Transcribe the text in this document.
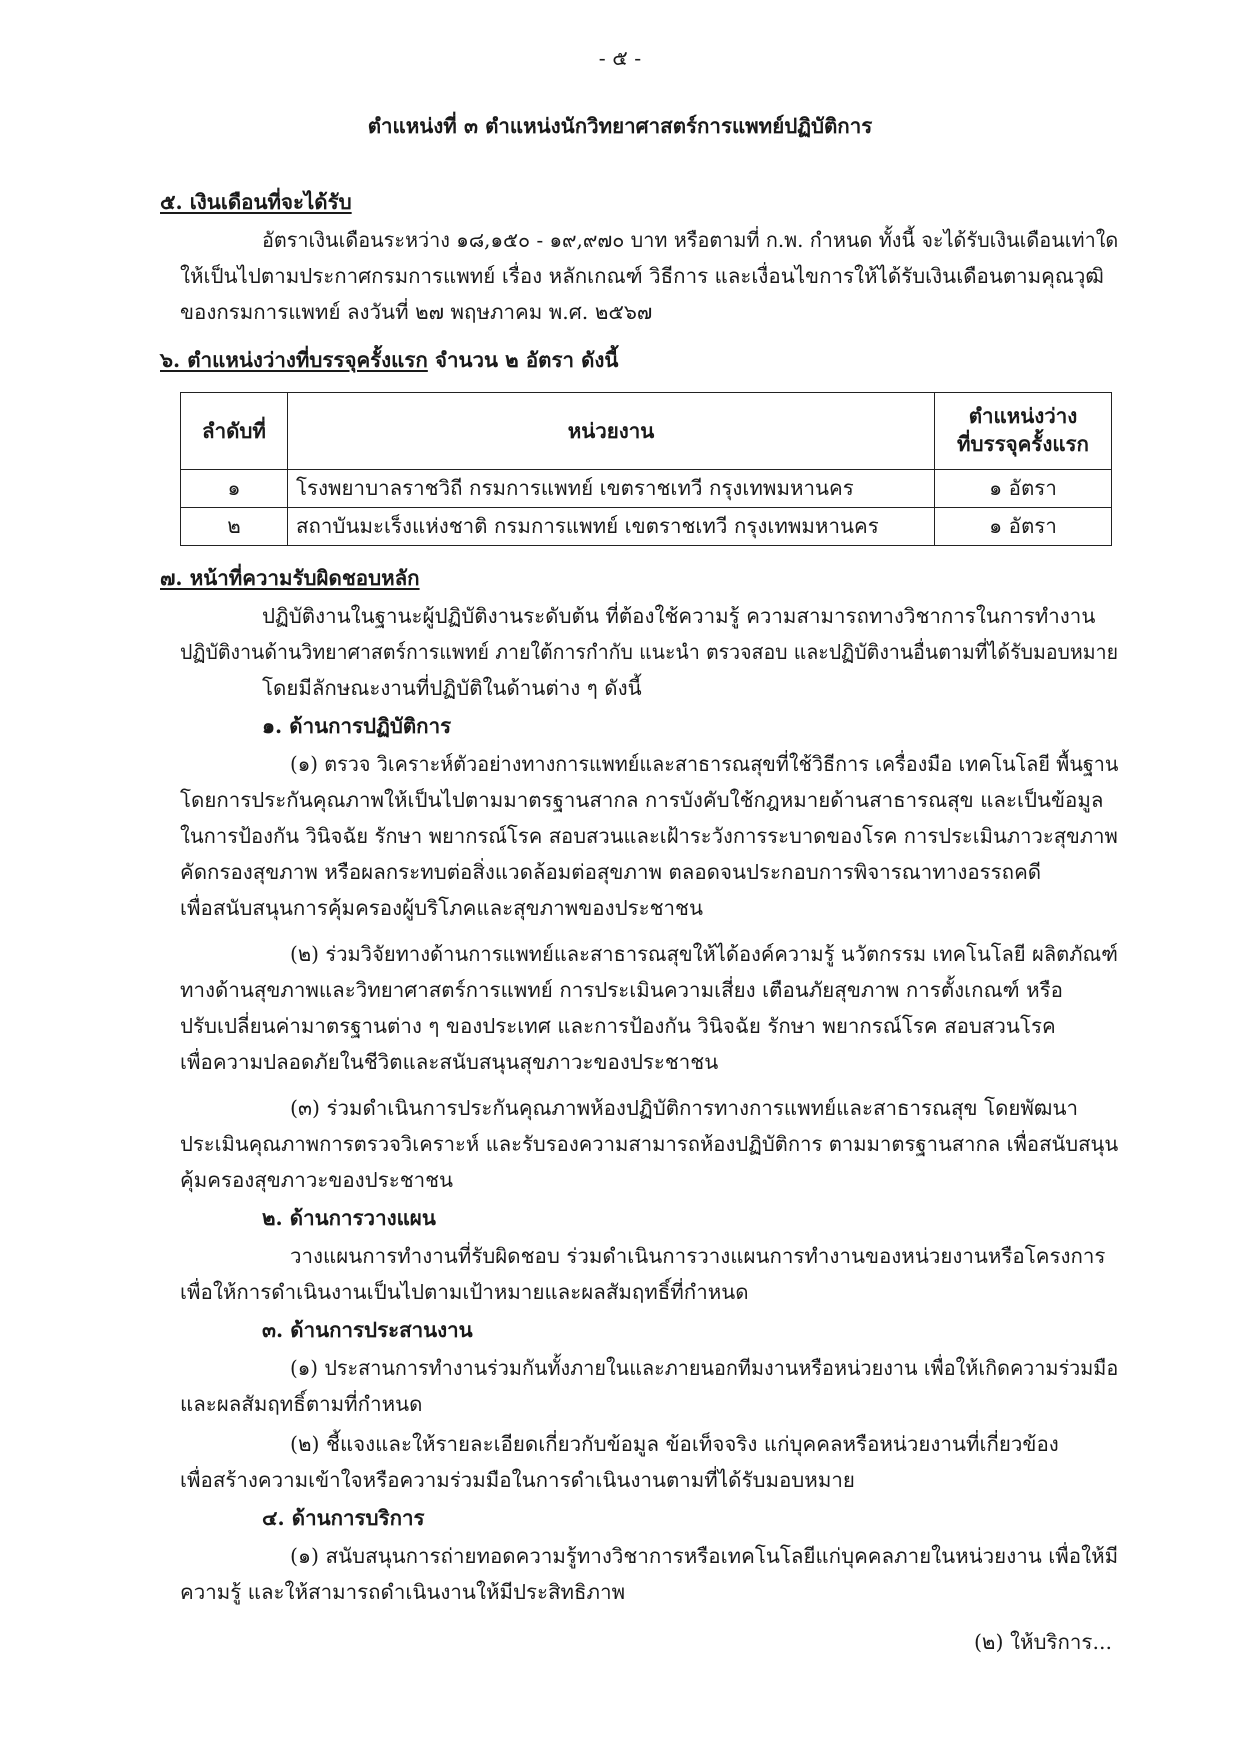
- ๕ -
ตำแหน่งที่ ๓ ตำแหน่งนักวิทยาศาสตร์การแพทย์ปฏิบัติการ
๕. เงินเดือนที่จะได้รับ
อัตราเงินเดือนระหว่าง ๑๘,๑๕๐ - ๑๙,๙๗๐ บาท หรือตามที่ ก.พ. กำหนด ทั้งนี้ จะได้รับเงินเดือนเท่าใด
ให้เป็นไปตามประกาศกรมการแพทย์ เรื่อง หลักเกณฑ์ วิธีการ และเงื่อนไขการให้ได้รับเงินเดือนตามคุณวุฒิ
ของกรมการแพทย์ ลงวันที่ ๒๗ พฤษภาคม พ.ศ. ๒๕๖๗
๖. ตำแหน่งว่างที่บรรจุครั้งแรก จำนวน ๒ อัตรา ดังนี้
ลำดับที่	หน่วยงาน	ตำแหน่งว่าง
ที่บรรจุครั้งแรก

๑	โรงพยาบาลราชวิถี กรมการแพทย์ เขตราชเทวี กรุงเทพมหานคร	๑ อัตรา
๒	สถาบันมะเร็งแห่งชาติ กรมการแพทย์ เขตราชเทวี กรุงเทพมหานคร	๑ อัตรา
๗. หน้าที่ความรับผิดชอบหลัก
ปฏิบัติงานในฐานะผู้ปฏิบัติงานระดับต้น ที่ต้องใช้ความรู้ ความสามารถทางวิชาการในการทำงาน
ปฏิบัติงานด้านวิทยาศาสตร์การแพทย์ ภายใต้การกำกับ แนะนำ ตรวจสอบ และปฏิบัติงานอื่นตามที่ได้รับมอบหมาย
โดยมีลักษณะงานที่ปฏิบัติในด้านต่าง ๆ ดังนี้
๑. ด้านการปฏิบัติการ
(๑) ตรวจ วิเคราะห์ตัวอย่างทางการแพทย์และสาธารณสุขที่ใช้วิธีการ เครื่องมือ เทคโนโลยี พื้นฐาน
โดยการประกันคุณภาพให้เป็นไปตามมาตรฐานสากล การบังคับใช้กฎหมายด้านสาธารณสุข และเป็นข้อมูล
ในการป้องกัน วินิจฉัย รักษา พยากรณ์โรค สอบสวนและเฝ้าระวังการระบาดของโรค การประเมินภาวะสุขภาพ
คัดกรองสุขภาพ หรือผลกระทบต่อสิ่งแวดล้อมต่อสุขภาพ ตลอดจนประกอบการพิจารณาทางอรรถคดี
เพื่อสนับสนุนการคุ้มครองผู้บริโภคและสุขภาพของประชาชน
(๒) ร่วมวิจัยทางด้านการแพทย์และสาธารณสุขให้ได้องค์ความรู้ นวัตกรรม เทคโนโลยี ผลิตภัณฑ์
ทางด้านสุขภาพและวิทยาศาสตร์การแพทย์ การประเมินความเสี่ยง เตือนภัยสุขภาพ การตั้งเกณฑ์ หรือ
ปรับเปลี่ยนค่ามาตรฐานต่าง ๆ ของประเทศ และการป้องกัน วินิจฉัย รักษา พยากรณ์โรค สอบสวนโรค
เพื่อความปลอดภัยในชีวิตและสนับสนุนสุขภาวะของประชาชน
(๓) ร่วมดำเนินการประกันคุณภาพห้องปฏิบัติการทางการแพทย์และสาธารณสุข โดยพัฒนา
ประเมินคุณภาพการตรวจวิเคราะห์ และรับรองความสามารถห้องปฏิบัติการ ตามมาตรฐานสากล เพื่อสนับสนุน
คุ้มครองสุขภาวะของประชาชน
๒. ด้านการวางแผน
วางแผนการทำงานที่รับผิดชอบ ร่วมดำเนินการวางแผนการทำงานของหน่วยงานหรือโครงการ
เพื่อให้การดำเนินงานเป็นไปตามเป้าหมายและผลสัมฤทธิ์ที่กำหนด
๓. ด้านการประสานงาน
(๑) ประสานการทำงานร่วมกันทั้งภายในและภายนอกทีมงานหรือหน่วยงาน เพื่อให้เกิดความร่วมมือ
และผลสัมฤทธิ์ตามที่กำหนด
(๒) ชี้แจงและให้รายละเอียดเกี่ยวกับข้อมูล ข้อเท็จจริง แก่บุคคลหรือหน่วยงานที่เกี่ยวข้อง
เพื่อสร้างความเข้าใจหรือความร่วมมือในการดำเนินงานตามที่ได้รับมอบหมาย
๔. ด้านการบริการ
(๑) สนับสนุนการถ่ายทอดความรู้ทางวิชาการหรือเทคโนโลยีแก่บุคคลภายในหน่วยงาน เพื่อให้มี
ความรู้ และให้สามารถดำเนินงานให้มีประสิทธิภาพ
(๒) ให้บริการ...
